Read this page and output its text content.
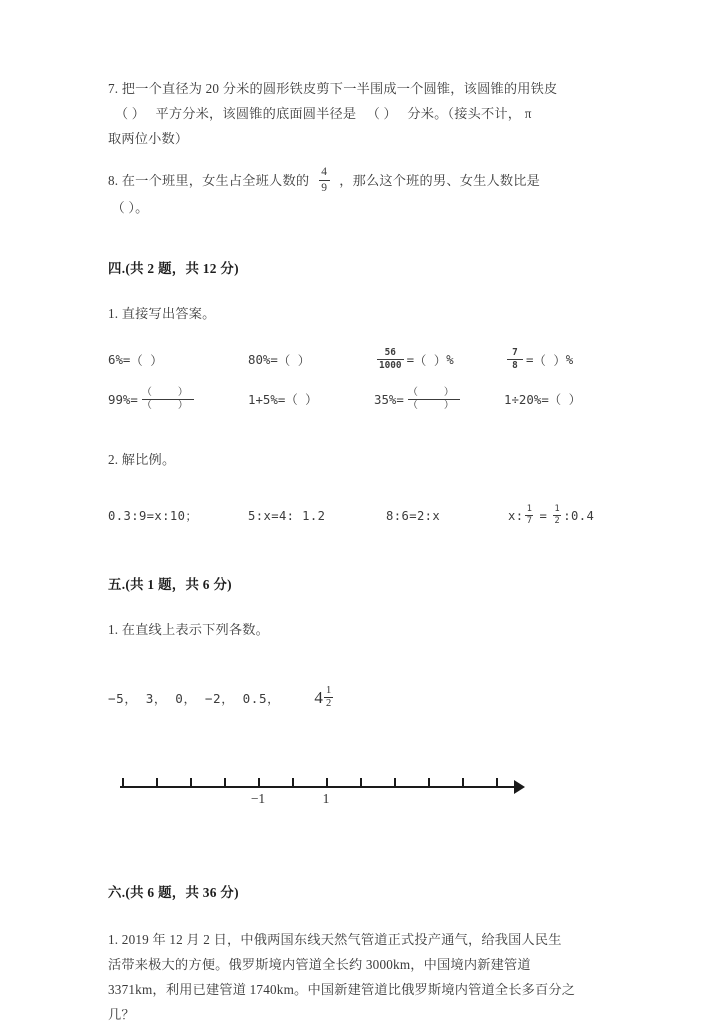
7. 把一个直径为 20 分米的圆形铁皮剪下一半围成一个圆锥，该圆锥的用铁皮
（ ） 平方分米，该圆锥的底面圆半径是 （ ） 分米。（接头不计， π
取两位小数）
8. 在一个班里，女生占全班人数的 $\frac{4}{9}$ ，那么这个班的男、女生人数比是
（ ）。
四.(共 2 题，共 12 分)
1. 直接写出答案。
6% = （ ）	80% = （ ）	$\frac{56}{1000}$ = （ ） %	$\frac{7}{8}$ = （ ） %
$99\% = \frac{( )}{( )}$	1+5% = （ ）	$35\% = \frac{( )}{( )}$	1÷20% = （ ）
2. 解比例。
0.3:9=x:10；	5:x=4: 1.2	8:6=2:x	x: $\frac{1}{7} = \frac{1}{2}$ :0.4
五.(共 1 题，共 6 分)
1. 在直线上表示下列各数。
−5， 3， 0， −2， 0.5， $4 \frac{1}{2}$
−1	1
六.(共 6 题，共 36 分)
1. 2019 年 12 月 2 日，中俄两国东线天然气管道正式投产通气，给我国人民生
活带来极大的方便。俄罗斯境内管道全长约 3000km，中国境内新建管道
3371km，利用已建管道 1740km。中国新建管道比俄罗斯境内管道全长多百分之
几？
